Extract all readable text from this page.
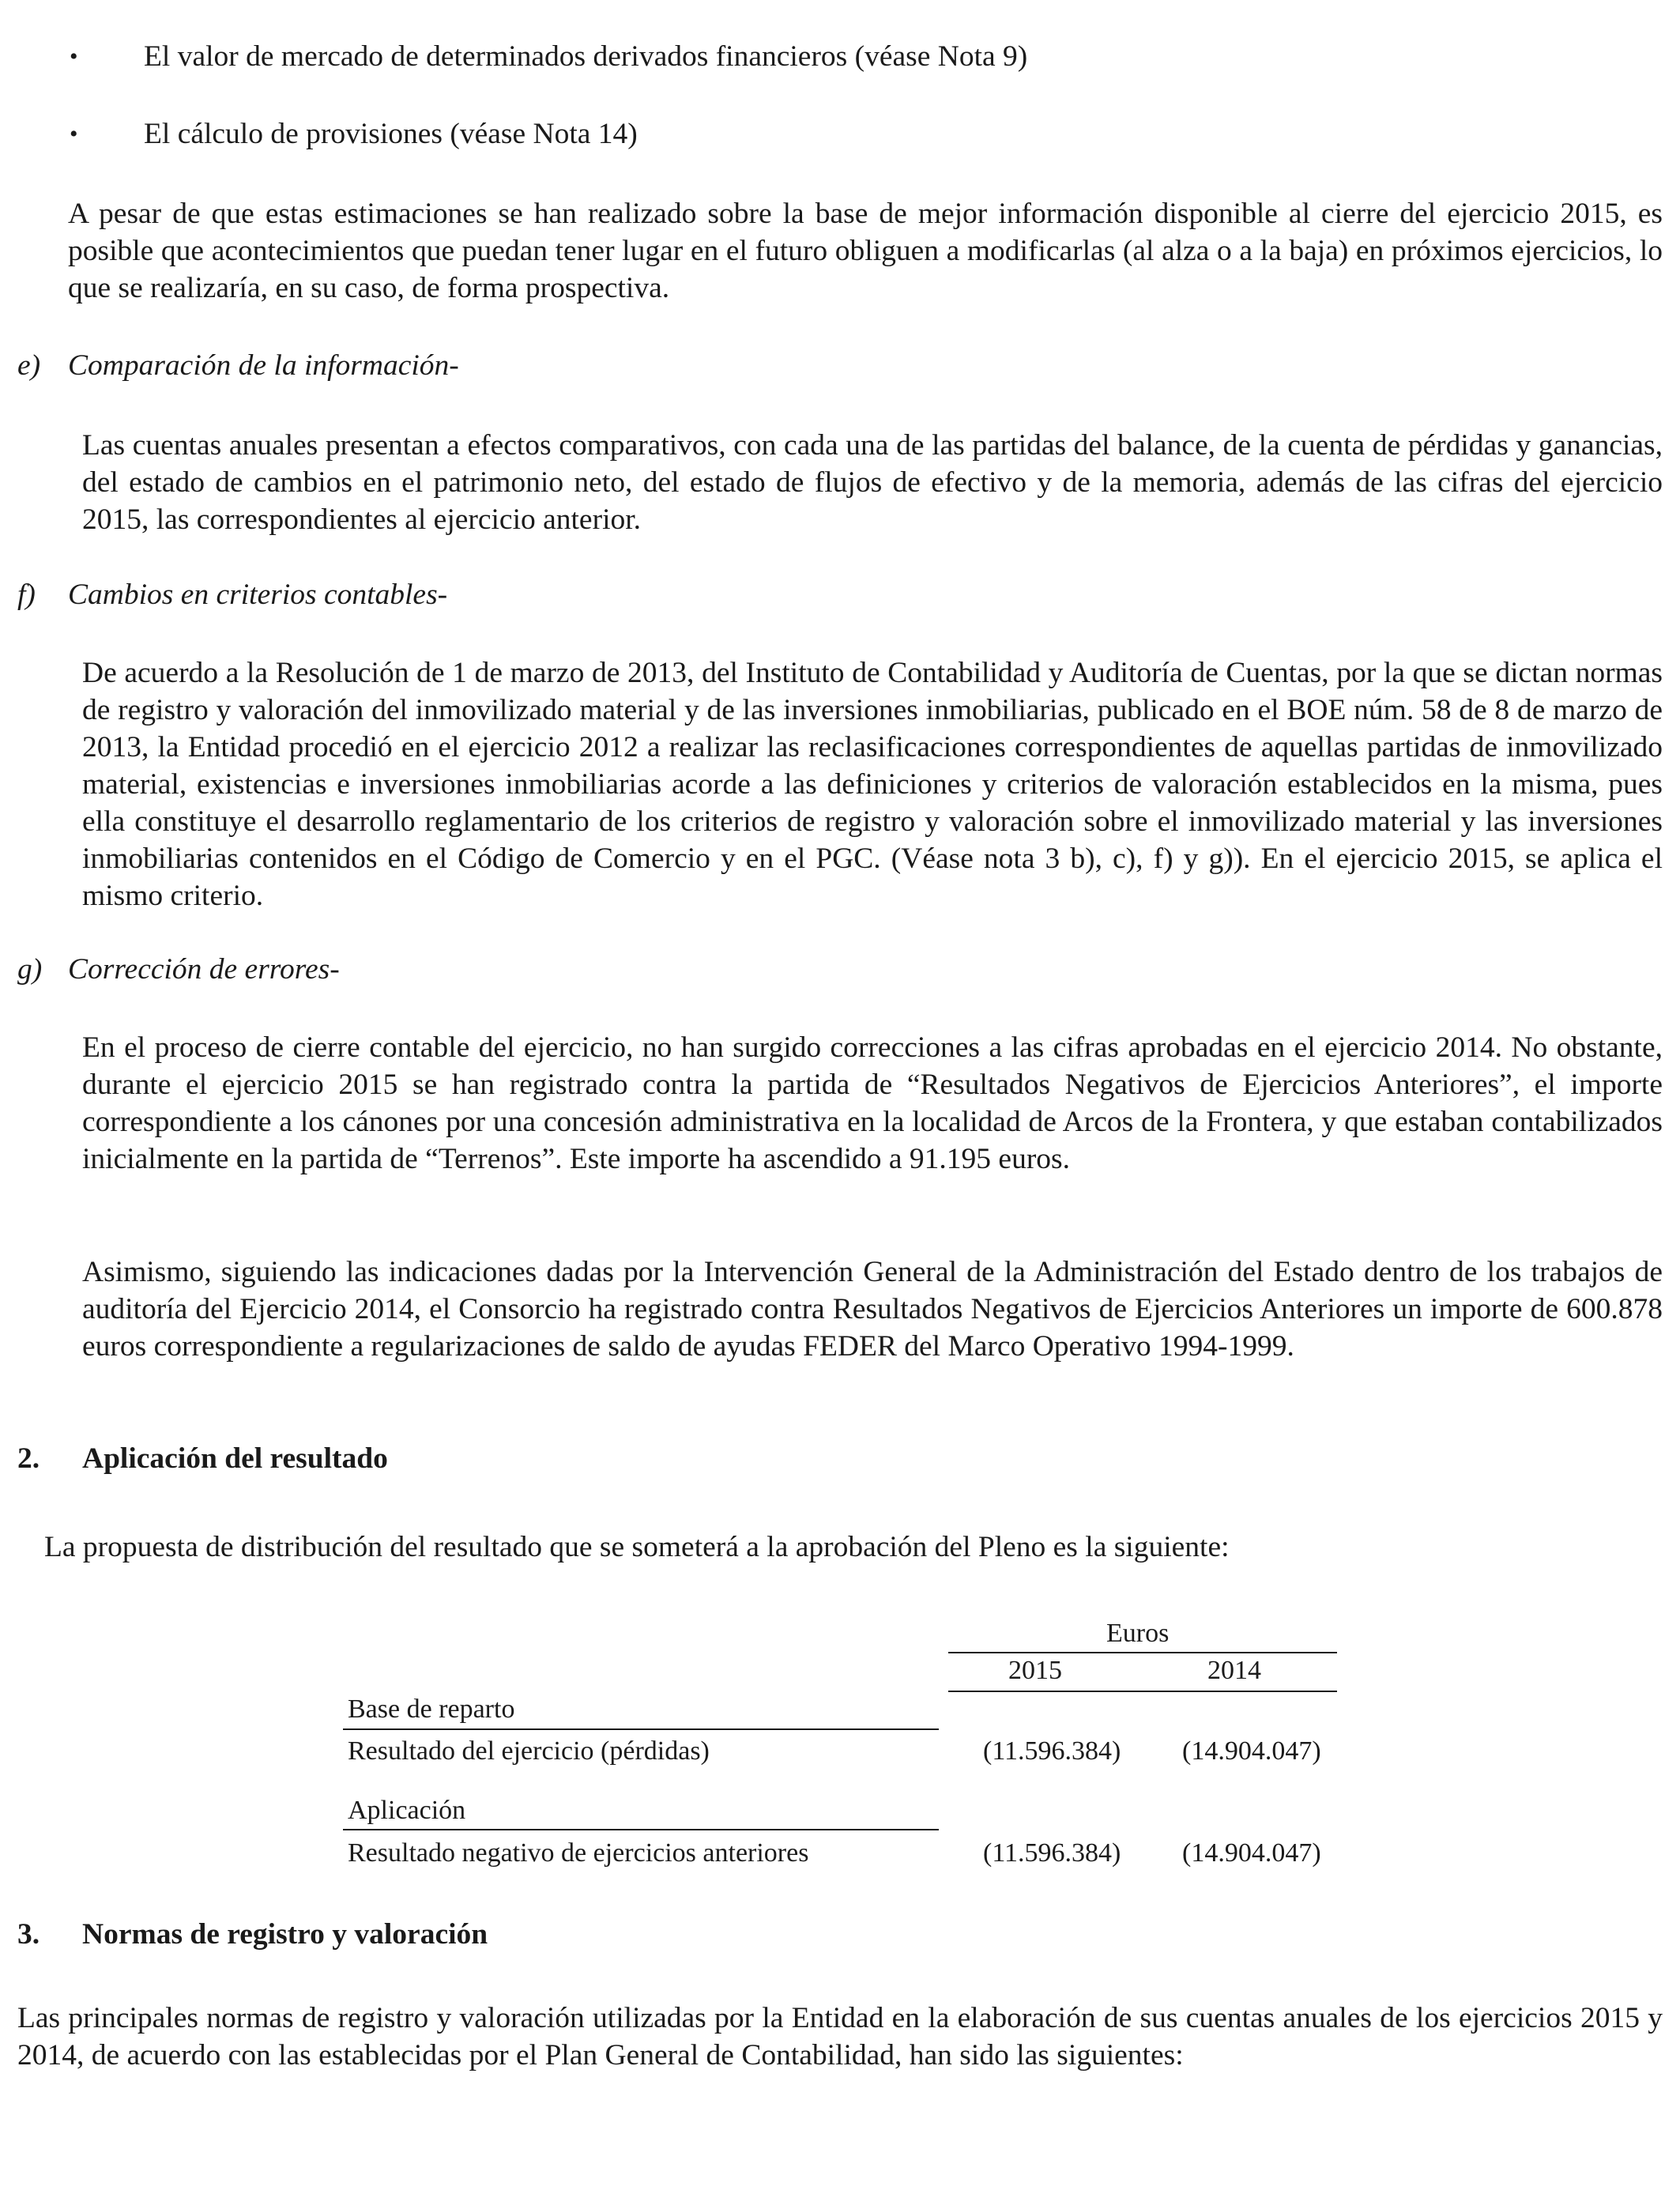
• El valor de mercado de determinados derivados financieros (véase Nota 9)
• El cálculo de provisiones (véase Nota 14)

A pesar de que estas estimaciones se han realizado sobre la base de mejor información disponible al cierre del ejercicio 2015, es posible que acontecimientos que puedan tener lugar en el futuro obliguen a modificarlas (al alza o a la baja) en próximos ejercicios, lo que se realizaría, en su caso, de forma prospectiva.

e) Comparación de la información-

Las cuentas anuales presentan a efectos comparativos, con cada una de las partidas del balance, de la cuenta de pérdidas y ganancias, del estado de cambios en el patrimonio neto, del estado de flujos de efectivo y de la memoria, además de las cifras del ejercicio 2015, las correspondientes al ejercicio anterior.

f) Cambios en criterios contables-

De acuerdo a la Resolución de 1 de marzo de 2013, del Instituto de Contabilidad y Auditoría de Cuentas, por la que se dictan normas de registro y valoración del inmovilizado material y de las inversiones inmobiliarias, publicado en el BOE núm. 58 de 8 de marzo de 2013, la Entidad procedió en el ejercicio 2012 a realizar las reclasificaciones correspondientes de aquellas partidas de inmovilizado material, existencias e inversiones inmobiliarias acorde a las definiciones y criterios de valoración establecidos en la misma, pues ella constituye el desarrollo reglamentario de los criterios de registro y valoración sobre el inmovilizado material y las inversiones inmobiliarias contenidos en el Código de Comercio y en el PGC. (Véase nota 3 b), c), f) y g)). En el ejercicio 2015, se aplica el mismo criterio.

g) Corrección de errores-

En el proceso de cierre contable del ejercicio, no han surgido correcciones a las cifras aprobadas en el ejercicio 2014. No obstante, durante el ejercicio 2015 se han registrado contra la partida de “Resultados Negativos de Ejercicios Anteriores”, el importe correspondiente a los cánones por una concesión administrativa en la localidad de Arcos de la Frontera, y que estaban contabilizados inicialmente en la partida de “Terrenos”. Este importe ha ascendido a 91.195 euros.

Asimismo, siguiendo las indicaciones dadas por la Intervención General de la Administración del Estado dentro de los trabajos de auditoría del Ejercicio 2014, el Consorcio ha registrado contra Resultados Negativos de Ejercicios Anteriores un importe de 600.878 euros correspondiente a regularizaciones de saldo de ayudas FEDER del Marco Operativo 1994-1999.

2. Aplicación del resultado

La propuesta de distribución del resultado que se someterá a la aprobación del Pleno es la siguiente:

Euros
2015	2014
Base de reparto
Resultado del ejercicio (pérdidas)	(11.596.384) (14.904.047)
Aplicación
Resultado negativo de ejercicios anteriores	(11.596.384) (14.904.047)
3. Normas de registro y valoración

Las principales normas de registro y valoración utilizadas por la Entidad en la elaboración de sus cuentas anuales de los ejercicios 2015 y 2014, de acuerdo con las establecidas por el Plan General de Contabilidad, han sido las siguientes:
